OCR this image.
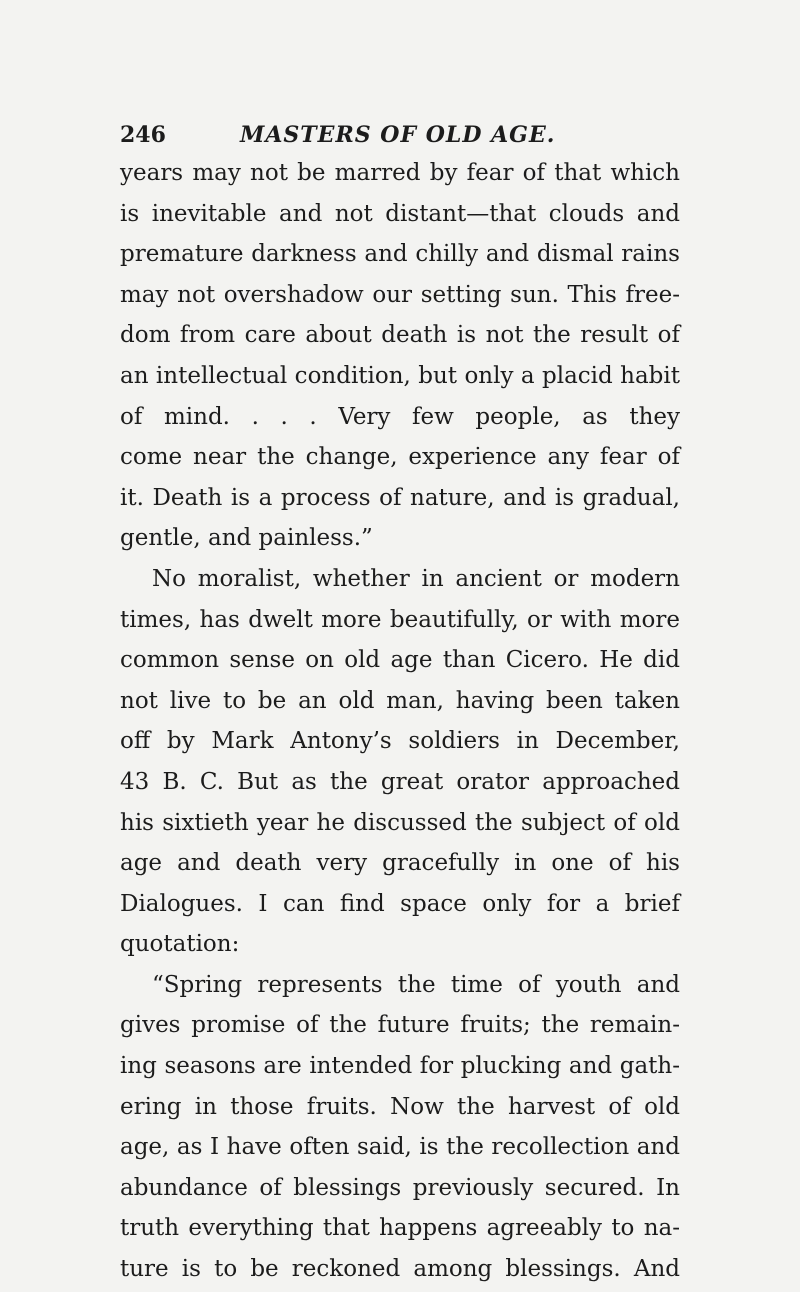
246	MASTERS OF OLD AGE.
years may not be marred by fear of that which
is inevitable and not distant—that clouds and
premature darkness and chilly and dismal rains
may not overshadow our setting sun. This free-
dom from care about death is not the result of
an intellectual condition, but only a placid habit
of mind. . . . Very few people, as they
come near the change, experience any fear of
it. Death is a process of nature, and is gradual,
gentle, and painless.”
No moralist, whether in ancient or modern
times, has dwelt more beautifully, or with more
common sense on old age than Cicero. He did
not live to be an old man, having been taken
off by Mark Antony’s soldiers in December,
43 B. C. But as the great orator approached
his sixtieth year he discussed the subject of old
age and death very gracefully in one of his
Dialogues. I can find space only for a brief
quotation:
“Spring represents the time of youth and
gives promise of the future fruits; the remain-
ing seasons are intended for plucking and gath-
ering in those fruits. Now the harvest of old
age, as I have often said, is the recollection and
abundance of blessings previously secured. In
truth everything that happens agreeably to na-
ture is to be reckoned among blessings. And
